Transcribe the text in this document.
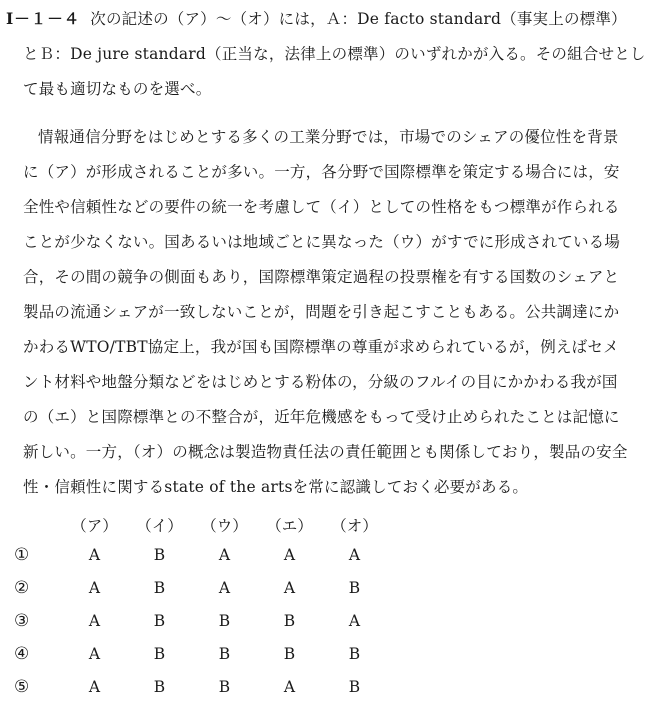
Ⅰ－１－４ 次の記述の（ア）～（オ）には，Ａ：De facto standard（事実上の標準）
とＢ：De jure standard（正当な，法律上の標準）のいずれかが入る。その組合せとし
て最も適切なものを選べ。
情報通信分野をはじめとする多くの工業分野では，市場でのシェアの優位性を背景
に（ア）が形成されることが多い。一方，各分野で国際標準を策定する場合には，安
全性や信頼性などの要件の統一を考慮して（イ）としての性格をもつ標準が作られる
ことが少なくない。国あるいは地域ごとに異なった（ウ）がすでに形成されている場
合，その間の競争の側面もあり，国際標準策定過程の投票権を有する国数のシェアと
製品の流通シェアが一致しないことが，問題を引き起こすこともある。公共調達にか
かわるWTO/TBT協定上，我が国も国際標準の尊重が求められているが，例えばセメ
ント材料や地盤分類などをはじめとする粉体の，分級のフルイの目にかかわる我が国
の（エ）と国際標準との不整合が，近年危機感をもって受け止められたことは記憶に
新しい。一方，（オ）の概念は製造物責任法の責任範囲とも関係しており，製品の安全
性・信頼性に関するstate of the artsを常に認識しておく必要がある。
	（ア）	（イ）	（ウ）	（エ）	（オ）
①	A	B	A	A	A
②	A	B	A	A	B
③	A	B	B	B	A
④	A	B	B	B	B
⑤	A	B	B	A	B
